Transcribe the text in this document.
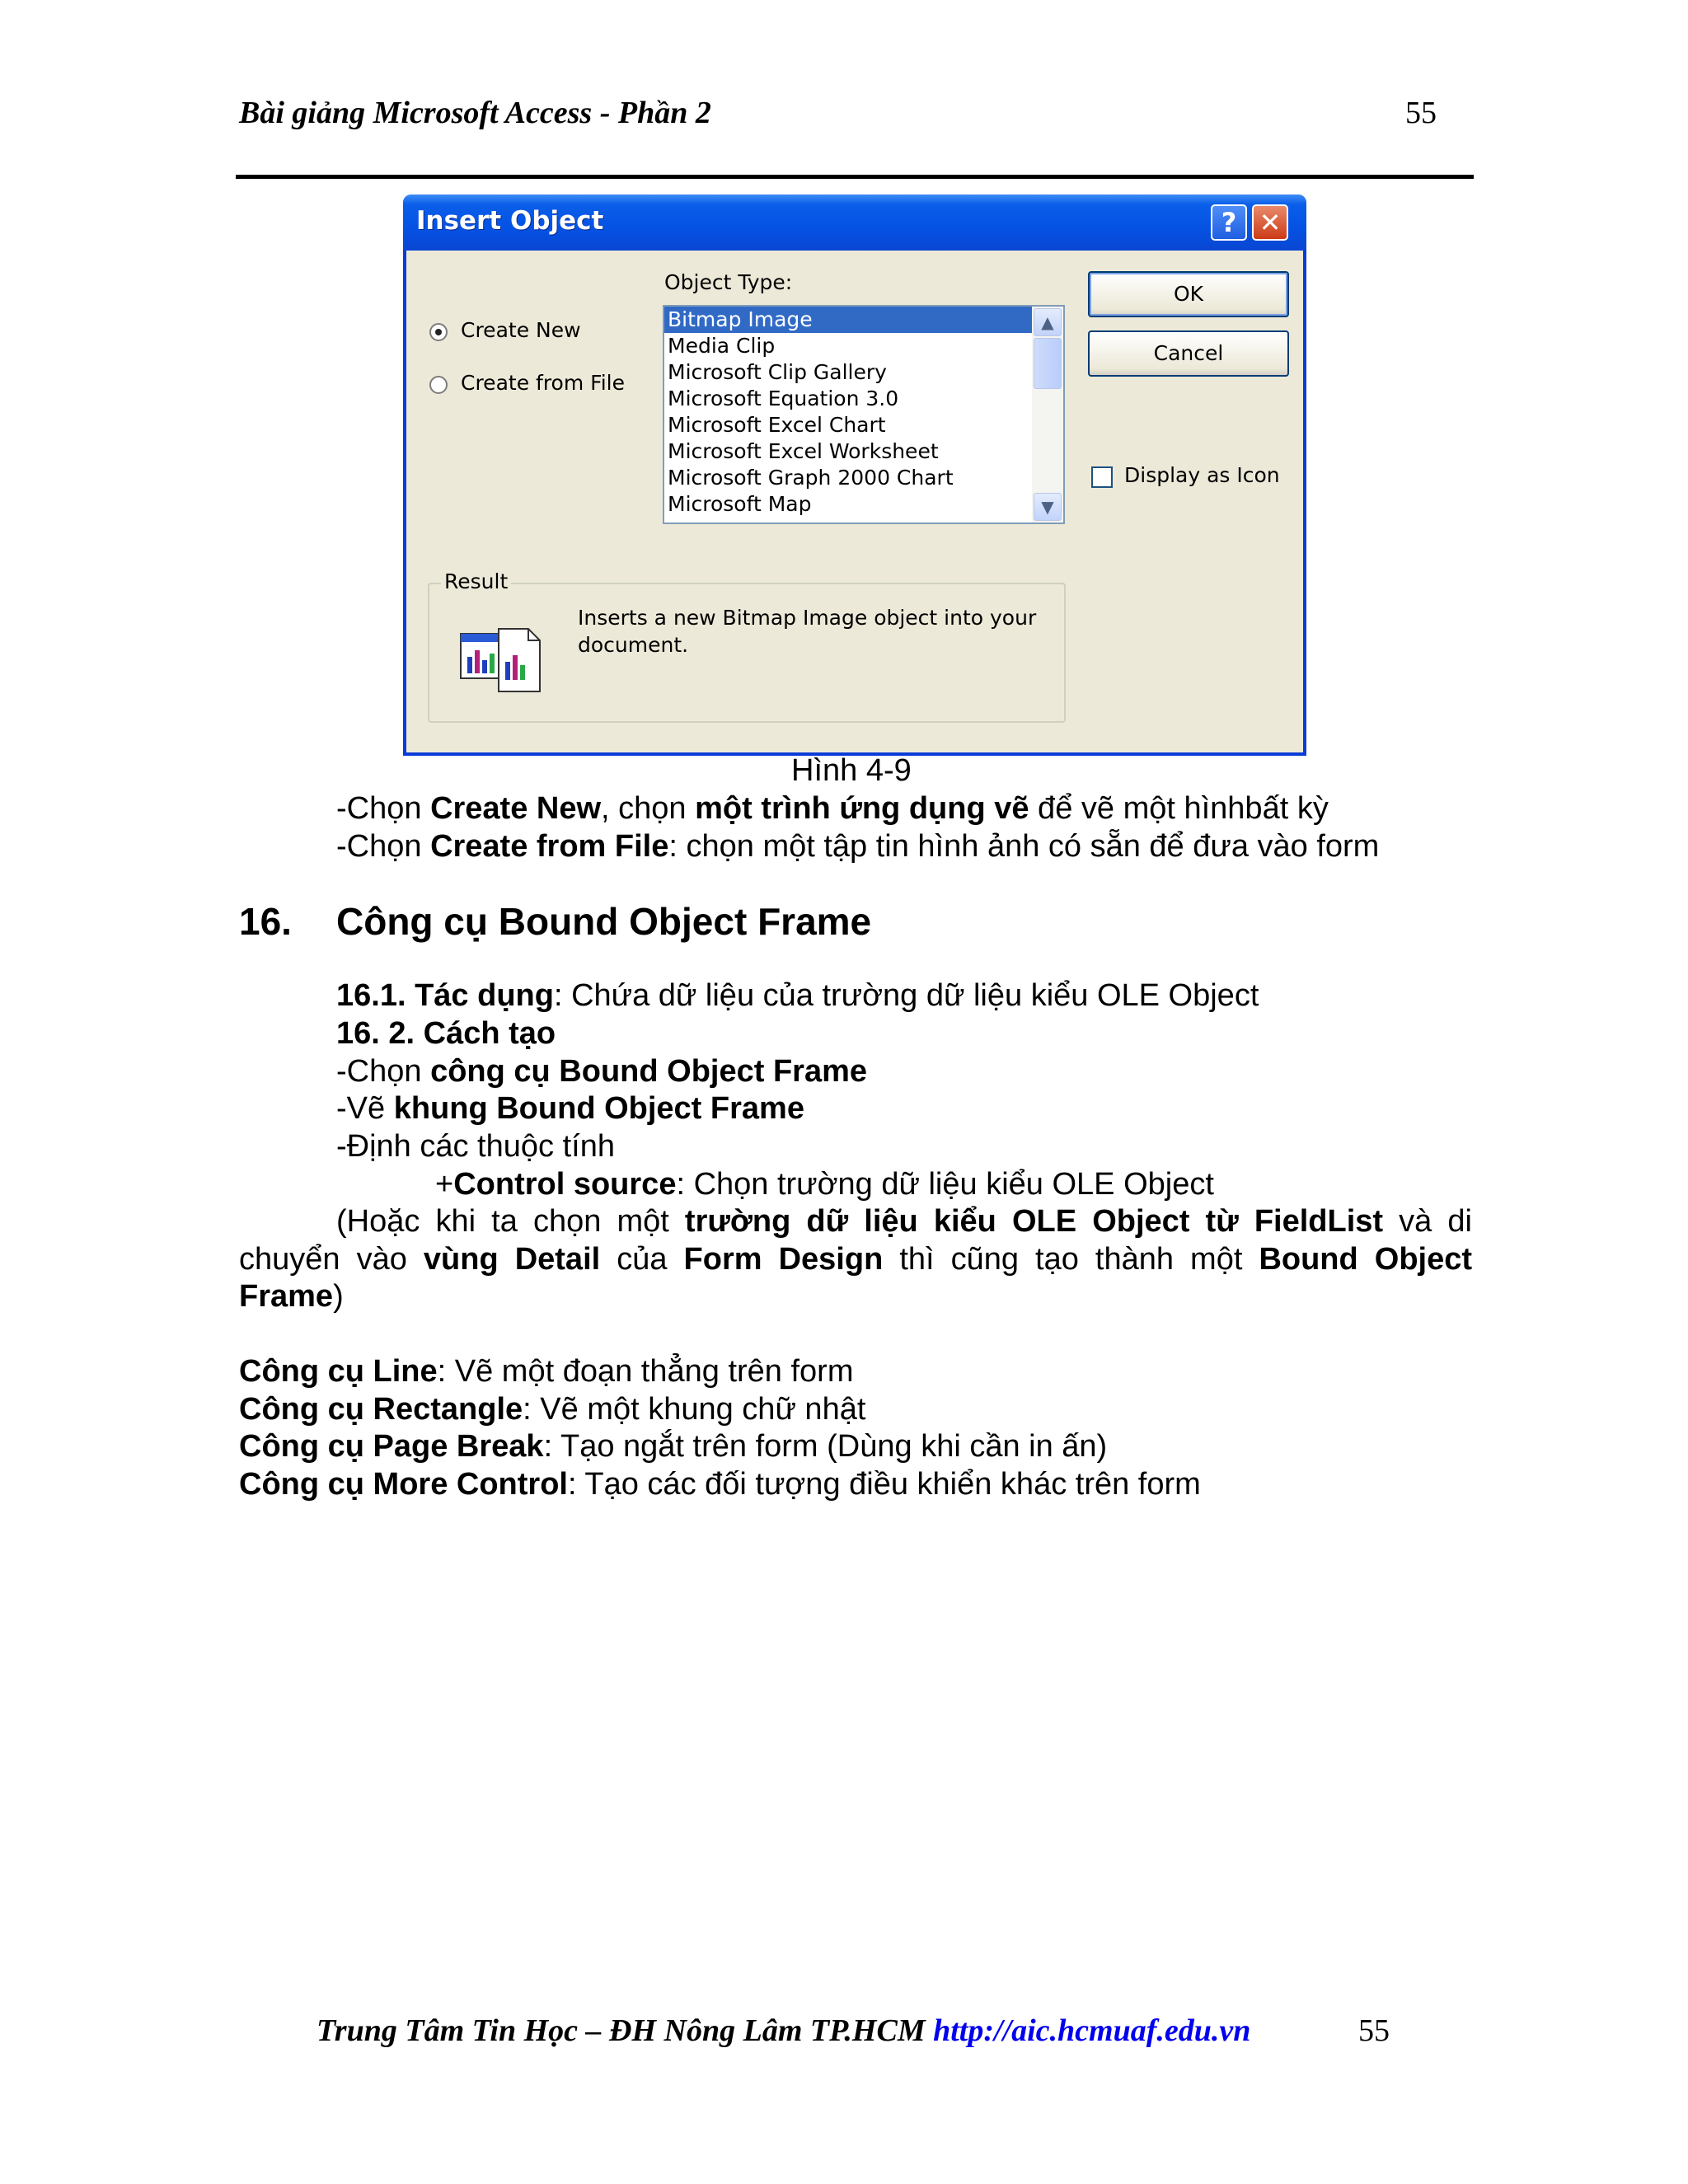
Bài giảng Microsoft Access - Phần 2	55
Insert Object	? ✕
Create New
Create from File
Object Type:
Bitmap Image
Media Clip
Microsoft Clip Gallery
Microsoft Equation 3.0
Microsoft Excel Chart
Microsoft Excel Worksheet
Microsoft Graph 2000 Chart
Microsoft Map
▲
▼
OK
Cancel
Display as Icon
Result
Inserts a new Bitmap Image object into your document.
Hình 4-9
-Chọn Create New, chọn một trình ứng dụng vẽ để vẽ một hìnhbất kỳ
-Chọn Create from File: chọn một tập tin hình ảnh có sẵn để đưa vào form
16. Công cụ Bound Object Frame
16.1. Tác dụng: Chứa dữ liệu của trường dữ liệu kiểu OLE Object
16. 2. Cách tạo
-Chọn công cụ Bound Object Frame
-Vẽ khung Bound Object Frame
-Định các thuộc tính
+Control source: Chọn trường dữ liệu kiểu OLE Object
(Hoặc khi ta chọn một trường dữ liệu kiểu OLE Object từ FieldList và di
chuyển vào vùng Detail của Form Design thì cũng tạo thành một Bound Object
Frame)
Công cụ Line: Vẽ một đoạn thẳng trên form
Công cụ Rectangle: Vẽ một khung chữ nhật
Công cụ Page Break: Tạo ngắt trên form (Dùng khi cần in ấn)
Công cụ More Control: Tạo các đối tượng điều khiển khác trên form
Trung Tâm Tin Học – ĐH Nông Lâm TP.HCM http://aic.hcmuaf.edu.vn	55
